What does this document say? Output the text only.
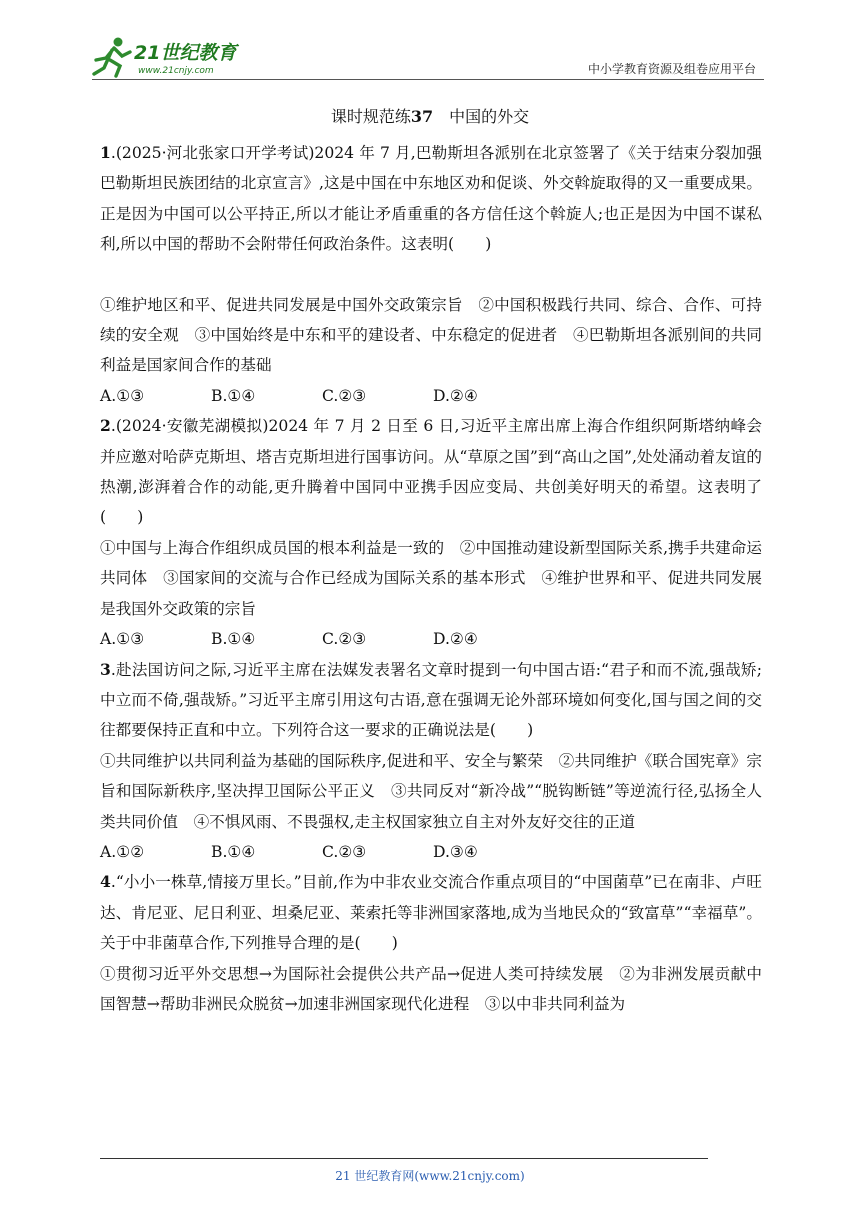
21世纪教育
www.21cnjy.com	中小学教育资源及组卷应用平台
课时规范练37  中国的外交

1.(2025·河北张家口开学考试)2024 年 7 月,巴勒斯坦各派别在北京签署了《关于结束分裂加强巴勒斯坦民族团结的北京宣言》,这是中国在中东地区劝和促谈、外交斡旋取得的又一重要成果。正是因为中国可以公平持正,所以才能让矛盾重重的各方信任这个斡旋人;也正是因为中国不谋私利,所以中国的帮助不会附带任何政治条件。这表明(　　)

①维护地区和平、促进共同发展是中国外交政策宗旨　②中国积极践行共同、综合、合作、可持续的安全观　③中国始终是中东和平的建设者、中东稳定的促进者　④巴勒斯坦各派别间的共同利益是国家间合作的基础

A.①③	B.①④	C.②③	D.②④

2.(2024·安徽芜湖模拟)2024 年 7 月 2 日至 6 日,习近平主席出席上海合作组织阿斯塔纳峰会并应邀对哈萨克斯坦、塔吉克斯坦进行国事访问。从“草原之国”到“高山之国”,处处涌动着友谊的热潮,澎湃着合作的动能,更升腾着中国同中亚携手因应变局、共创美好明天的希望。这表明了(　　)

①中国与上海合作组织成员国的根本利益是一致的　②中国推动建设新型国际关系,携手共建命运共同体　③国家间的交流与合作已经成为国际关系的基本形式　④维护世界和平、促进共同发展是我国外交政策的宗旨

A.①③	B.①④	C.②③	D.②④

3.赴法国访问之际,习近平主席在法媒发表署名文章时提到一句中国古语:“君子和而不流,强哉矫;中立而不倚,强哉矫。”习近平主席引用这句古语,意在强调无论外部环境如何变化,国与国之间的交往都要保持正直和中立。下列符合这一要求的正确说法是(　　)

①共同维护以共同利益为基础的国际秩序,促进和平、安全与繁荣　②共同维护《联合国宪章》宗旨和国际新秩序,坚决捍卫国际公平正义　③共同反对“新冷战”“脱钩断链”等逆流行径,弘扬全人类共同价值　④不惧风雨、不畏强权,走主权国家独立自主对外友好交往的正道

A.①②	B.①④	C.②③	D.③④

4.“小小一株草,情接万里长。”目前,作为中非农业交流合作重点项目的“中国菌草”已在南非、卢旺达、肯尼亚、尼日利亚、坦桑尼亚、莱索托等非洲国家落地,成为当地民众的“致富草”“幸福草”。关于中非菌草合作,下列推导合理的是(　　)

①贯彻习近平外交思想→为国际社会提供公共产品→促进人类可持续发展　②为非洲发展贡献中国智慧→帮助非洲民众脱贫→加速非洲国家现代化进程　③以中非共同利益为

21 世纪教育网(www.21cnjy.com)
